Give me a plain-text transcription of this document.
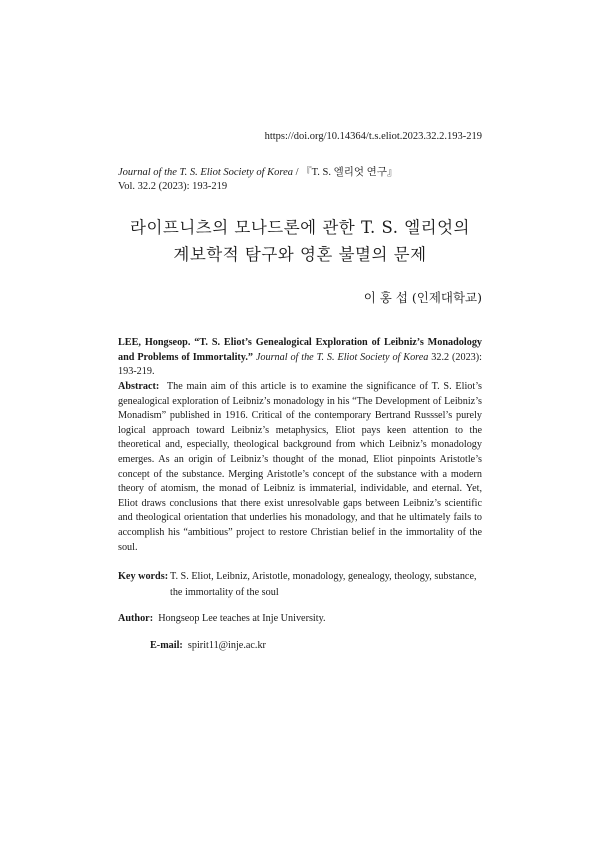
https://doi.org/10.14364/t.s.eliot.2023.32.2.193-219
Journal of the T. S. Eliot Society of Korea / 『T. S. 엘리엇 연구』
Vol. 32.2 (2023): 193-219
라이프니츠의 모나드론에 관한 T. S. 엘리엇의
계보학적 탐구와 영혼 불멸의 문제
이 홍 섭 (인제대학교)
LEE, Hongseop. “T. S. Eliot’s Genealogical Exploration of Leibniz’s Monadology and Problems of Immortality.” Journal of the T. S. Eliot Society of Korea 32.2 (2023): 193-219.
Abstract: The main aim of this article is to examine the significance of T. S. Eliot’s genealogical exploration of Leibniz’s monadology in his “The Development of Leibniz’s Monadism” published in 1916. Critical of the contemporary Bertrand Russsel’s purely logical approach toward Leibniz’s metaphysics, Eliot pays keen attention to the theoretical and, especially, theological background from which Leibniz’s monadology emerges. As an origin of Leibniz’s thought of the monad, Eliot pinpoints Aristotle’s concept of the substance. Merging Aristotle’s concept of the substance with a modern theory of atomism, the monad of Leibniz is immaterial, individable, and eternal. Yet, Eliot draws conclusions that there exist unresolvable gaps between Leibniz’s scientific and theological orientation that underlies his monadology, and that he ultimately fails to accomplish his “ambitious” project to restore Christian belief in the immortality of the soul.
Key words: T. S. Eliot, Leibniz, Aristotle, monadology, genealogy, theology, substance, the immortality of the soul
Author: Hongseop Lee teaches at Inje University.
E-mail: spirit11@inje.ac.kr
